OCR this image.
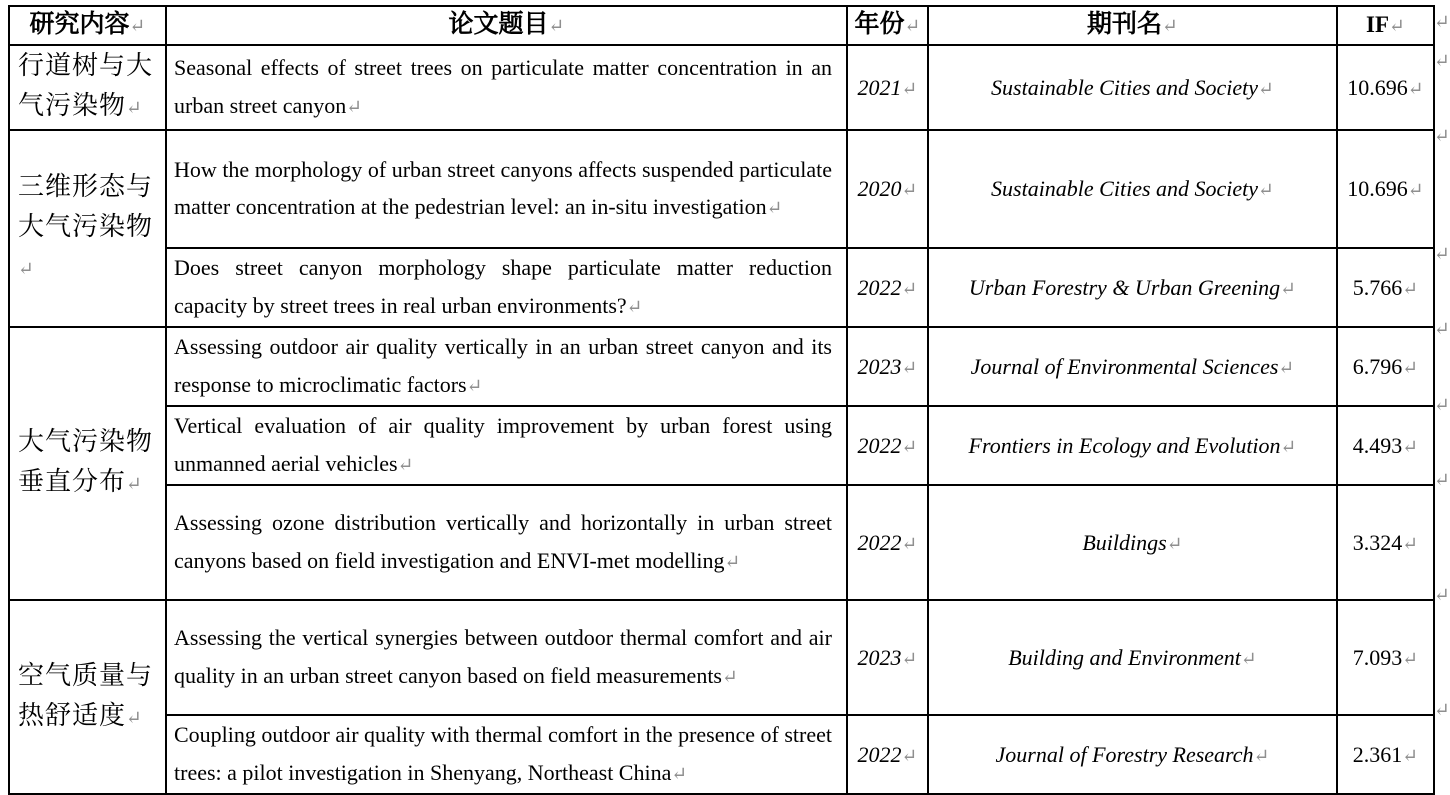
研究内容↵	论文题目↵	年份↵	期刊名↵	IF↵
行道树与大气污染物↵	Seasonal effects of street trees on particulate matter concentration in an urban street canyon↵	2021↵	Sustainable Cities and Society↵	10.696↵
三维形态与大气污染物↵	How the morphology of urban street canyons affects suspended particulate matter concentration at the pedestrian level: an in-situ investigation↵	2020↵	Sustainable Cities and Society↵	10.696↵
	Does street canyon morphology shape particulate matter reduction capacity by street trees in real urban environments?↵	2022↵	Urban Forestry & Urban Greening↵	5.766↵
大气污染物垂直分布↵	Assessing outdoor air quality vertically in an urban street canyon and its response to microclimatic factors↵	2023↵	Journal of Environmental Sciences↵	6.796↵
	Vertical evaluation of air quality improvement by urban forest using unmanned aerial vehicles↵	2022↵	Frontiers in Ecology and Evolution↵	4.493↵
	Assessing ozone distribution vertically and horizontally in urban street canyons based on field investigation and ENVI-met modelling↵	2022↵	Buildings↵	3.324↵
空气质量与热舒适度↵	Assessing the vertical synergies between outdoor thermal comfort and air quality in an urban street canyon based on field measurements↵	2023↵	Building and Environment↵	7.093↵
	Coupling outdoor air quality with thermal comfort in the presence of street trees: a pilot investigation in Shenyang, Northeast China↵	2022↵	Journal of Forestry Research↵	2.361↵
↵
↵
↵
↵
↵
↵
↵
↵
↵
